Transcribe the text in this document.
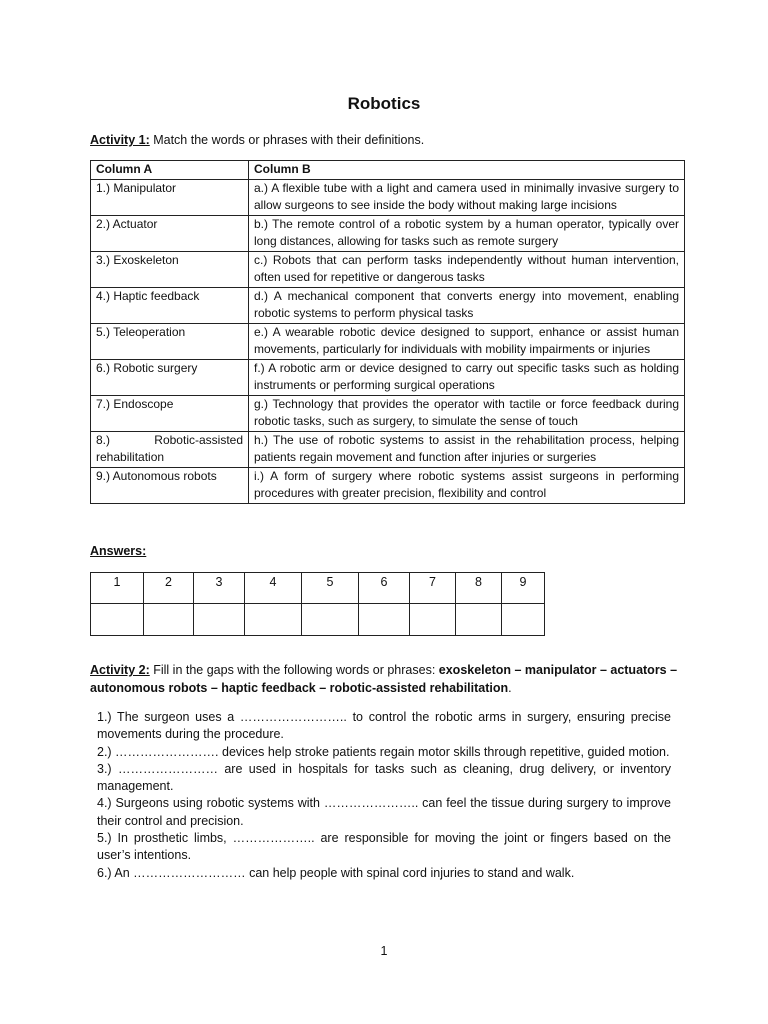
Robotics
Activity 1: Match the words or phrases with their definitions.
Column A	Column B
1.) Manipulator	a.) A flexible tube with a light and camera used in minimally invasive surgery to allow surgeons to see inside the body without making large incisions
2.) Actuator	b.) The remote control of a robotic system by a human operator, typically over long distances, allowing for tasks such as remote surgery
3.) Exoskeleton	c.) Robots that can perform tasks independently without human intervention, often used for repetitive or dangerous tasks
4.) Haptic feedback	d.) A mechanical component that converts energy into movement, enabling robotic systems to perform physical tasks
5.) Teleoperation	e.) A wearable robotic device designed to support, enhance or assist human movements, particularly for individuals with mobility impairments or injuries
6.) Robotic surgery	f.) A robotic arm or device designed to carry out specific tasks such as holding instruments or performing surgical operations
7.) Endoscope	g.) Technology that provides the operator with tactile or force feedback during robotic tasks, such as surgery, to simulate the sense of touch
8.) Robotic-assisted rehabilitation	h.) The use of robotic systems to assist in the rehabilitation process, helping patients regain movement and function after injuries or surgeries
9.) Autonomous robots	i.) A form of surgery where robotic systems assist surgeons in performing procedures with greater precision, flexibility and control
Answers:
1	2	3	4	5	6	7	8	9

Activity 2: Fill in the gaps with the following words or phrases: exoskeleton – manipulator – actuators – autonomous robots – haptic feedback – robotic-assisted rehabilitation.

1.) The surgeon uses a …………………….. to control the robotic arms in surgery, ensuring precise movements during the procedure.

2.) ……………………. devices help stroke patients regain motor skills through repetitive, guided motion.

3.) …………………… are used in hospitals for tasks such as cleaning, drug delivery, or inventory management.

4.) Surgeons using robotic systems with ………………….. can feel the tissue during surgery to improve their control and precision.

5.) In prosthetic limbs, ……………….. are responsible for moving the joint or fingers based on the user’s intentions.

6.) An ……………………… can help people with spinal cord injuries to stand and walk.

1
